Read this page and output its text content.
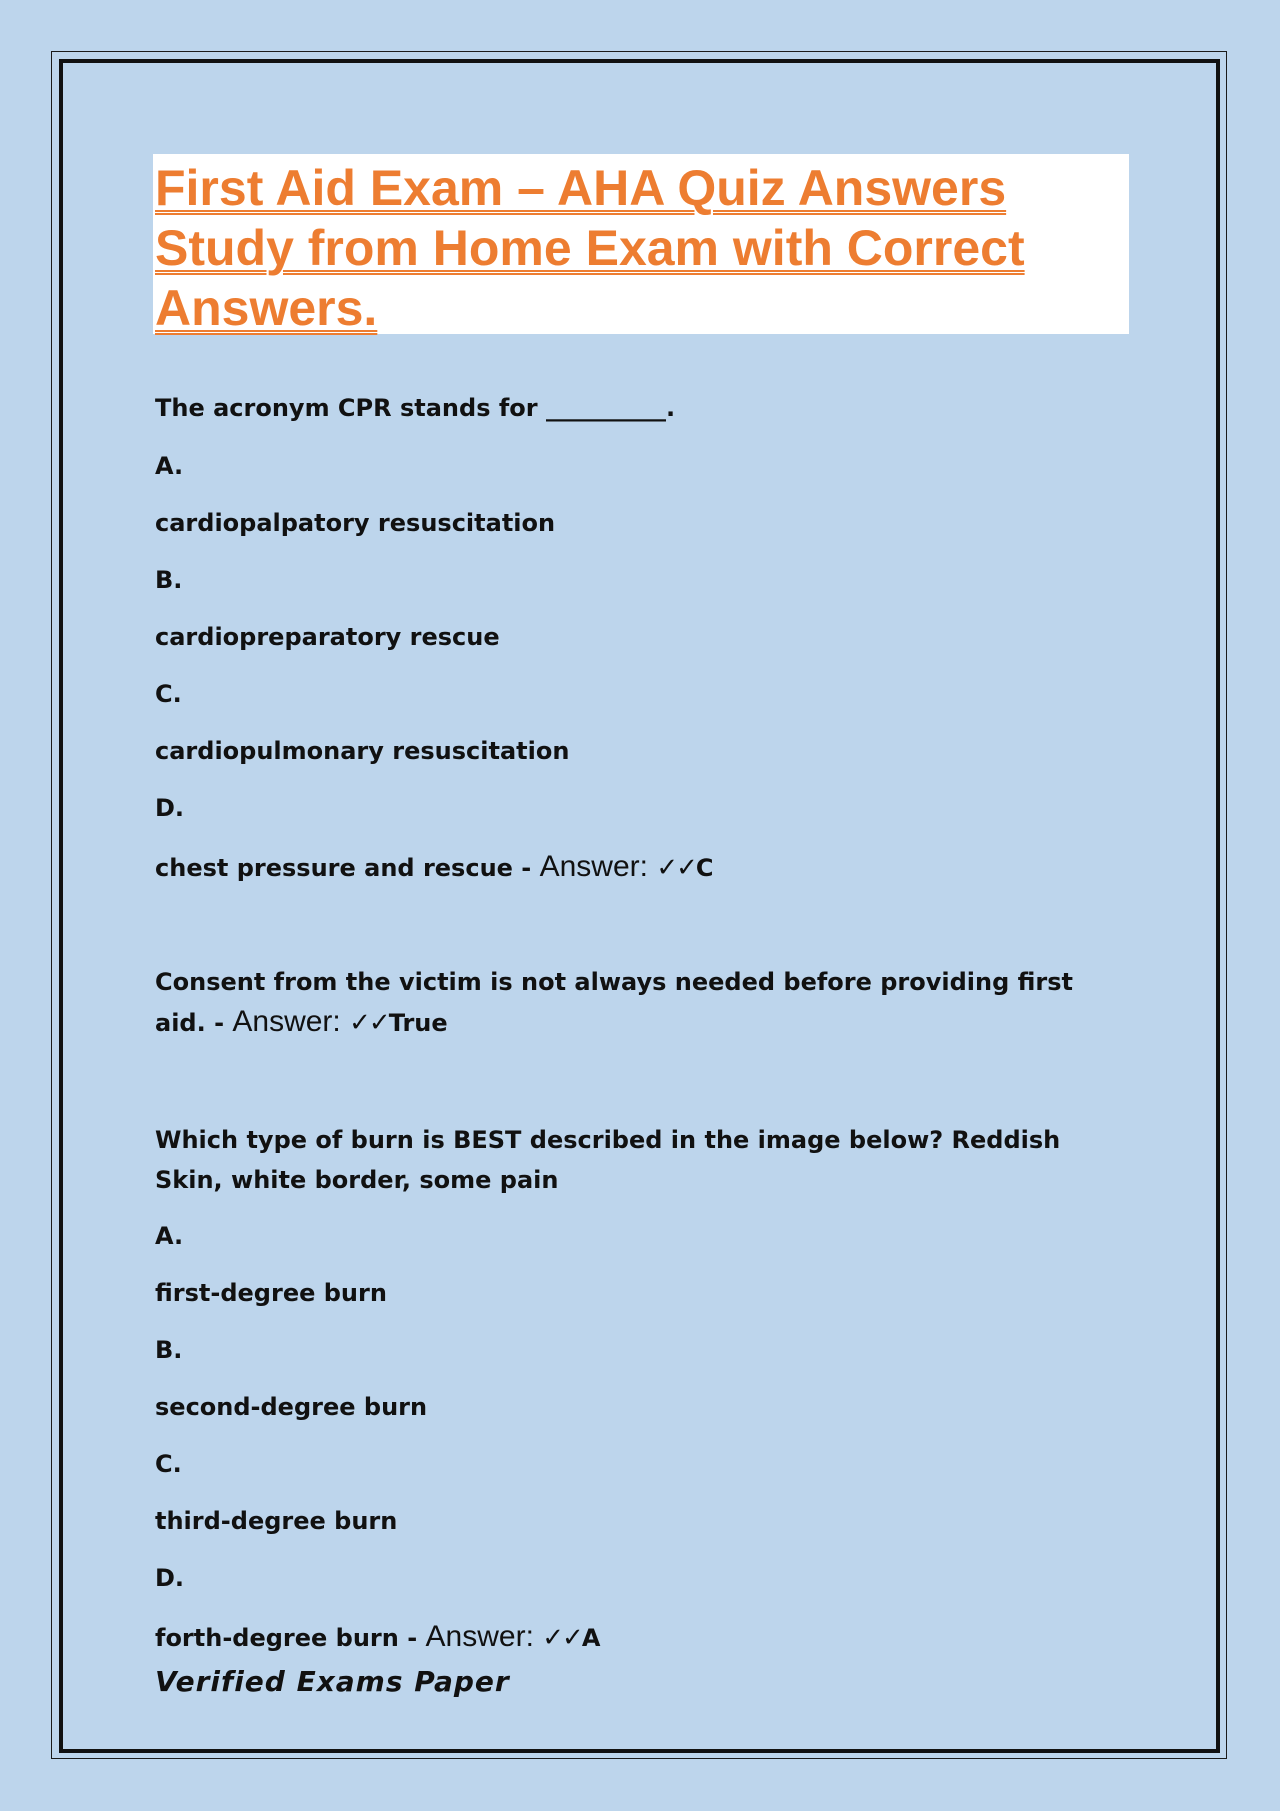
First Aid Exam – AHA Quiz Answers Study from Home Exam with Correct Answers.

The acronym CPR stands for __________.

A.

cardiopalpatory resuscitation

B.

cardiopreparatory rescue

C.

cardiopulmonary resuscitation

D.

chest pressure and rescue - Answer: ✓✓C

Consent from the victim is not always needed before providing first aid. - Answer: ✓✓True

Which type of burn is BEST described in the image below? Reddish Skin, white border, some pain

A.

first-degree burn

B.

second-degree burn

C.

third-degree burn

D.

forth-degree burn - Answer: ✓✓A

Verified Exams Paper
